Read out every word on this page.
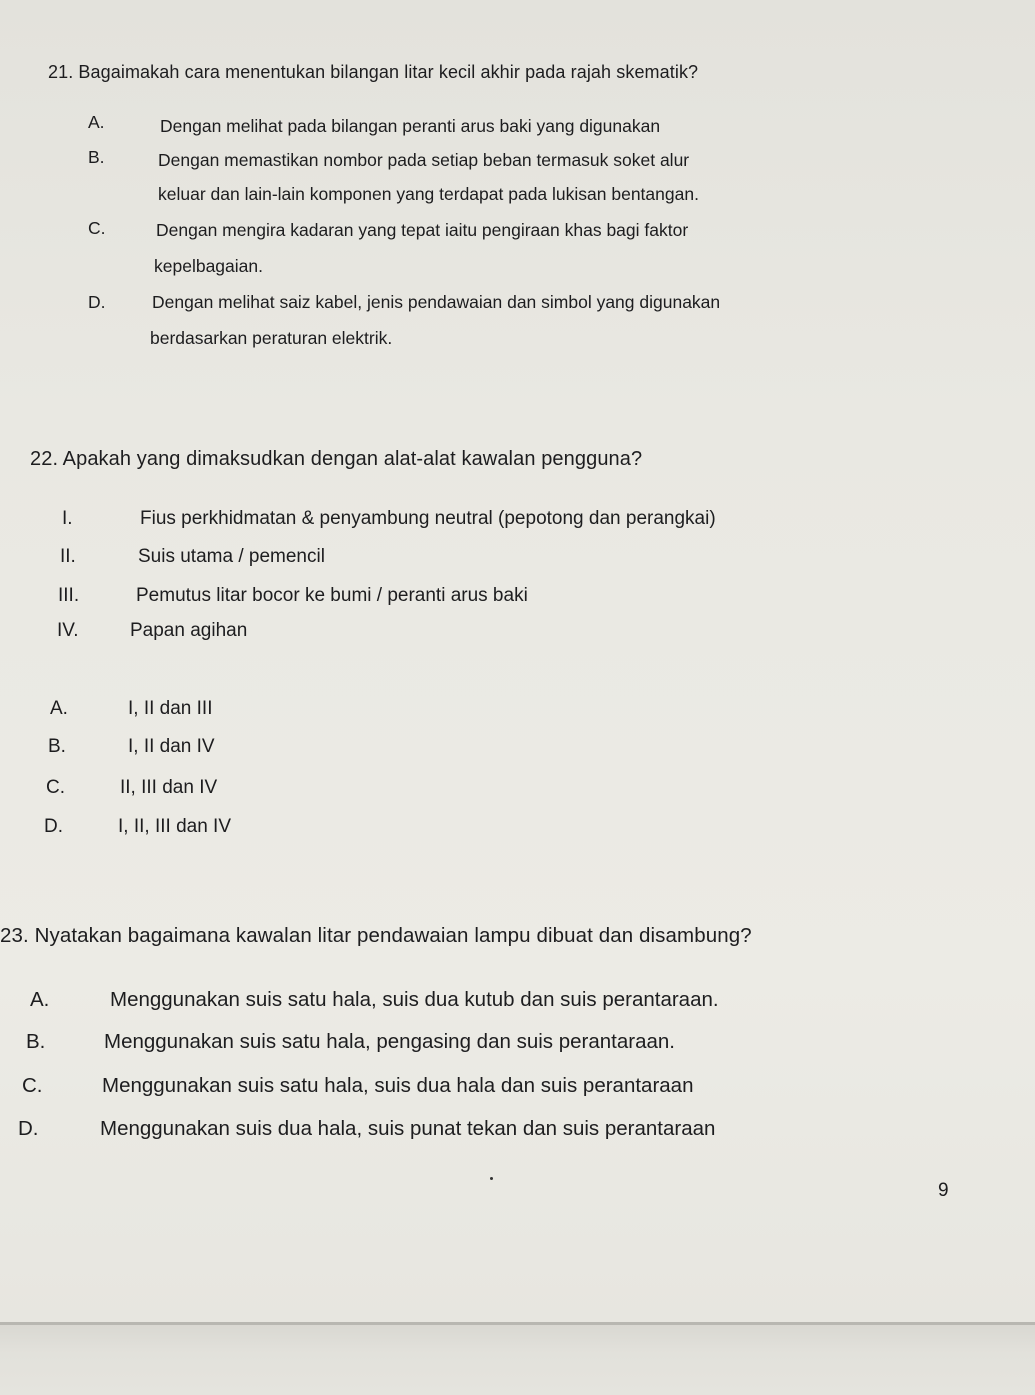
21. Bagaimakah cara menentukan bilangan litar kecil akhir pada rajah skematik?
A.	Dengan melihat pada bilangan peranti arus baki yang digunakan
B.	Dengan memastikan nombor pada setiap beban termasuk soket alur
keluar dan lain-lain komponen yang terdapat pada lukisan bentangan.
C.	Dengan mengira kadaran yang tepat iaitu pengiraan khas bagi faktor
kepelbagaian.
D.	Dengan melihat saiz kabel, jenis pendawaian dan simbol yang digunakan
berdasarkan peraturan elektrik.
22. Apakah yang dimaksudkan dengan alat-alat kawalan pengguna?
I.	Fius perkhidmatan & penyambung neutral (pepotong dan perangkai)
II.	Suis utama / pemencil
III.	Pemutus litar bocor ke bumi / peranti arus baki
IV.	Papan agihan
A.	I, II dan III
B.	I, II dan IV
C.	II, III dan IV
D.	I, II, III dan IV
23. Nyatakan bagaimana kawalan litar pendawaian lampu dibuat dan disambung?
A.	Menggunakan suis satu hala, suis dua kutub dan suis perantaraan.
B.	Menggunakan suis satu hala, pengasing dan suis perantaraan.
C.	Menggunakan suis satu hala, suis dua hala dan suis perantaraan
D.	Menggunakan suis dua hala, suis punat tekan dan suis perantaraan
9
